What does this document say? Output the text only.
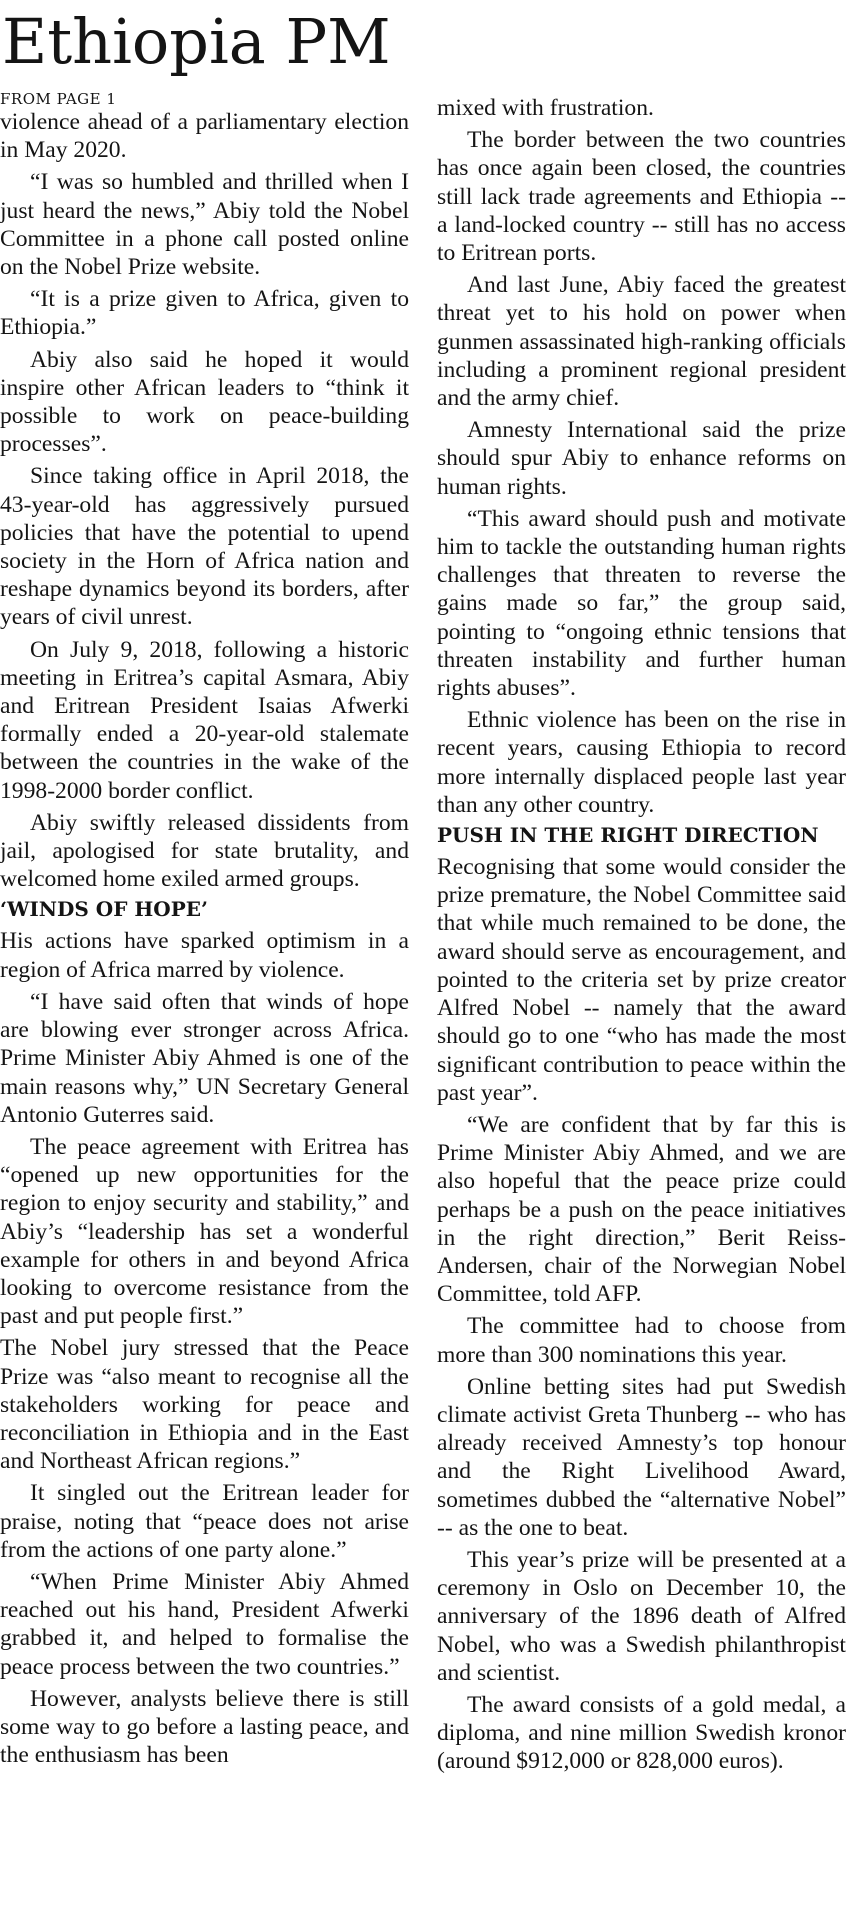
Ethiopia PM
FROM PAGE 1

violence ahead of a parliamentary election in May 2020.

“I was so humbled and thrilled when I just heard the news,” Abiy told the Nobel Committee in a phone call posted online on the Nobel Prize website.

“It is a prize given to Africa, given to Ethiopia.”

Abiy also said he hoped it would inspire other African leaders to “think it possible to work on peace-building processes”.

Since taking office in April 2018, the 43-year-old has aggressively pursued policies that have the potential to upend society in the Horn of Africa nation and reshape dynamics beyond its borders, after years of civil unrest.

On July 9, 2018, following a historic meeting in Eritrea’s capital Asmara, Abiy and Eritrean President Isaias Afwerki formally ended a 20-year-old stalemate between the countries in the wake of the 1998-2000 border conflict.

Abiy swiftly released dissidents from jail, apologised for state brutality, and welcomed home exiled armed groups.

‘WINDS OF HOPE’

His actions have sparked optimism in a region of Africa marred by violence.

“I have said often that winds of hope are blowing ever stronger across Africa. Prime Minister Abiy Ahmed is one of the main reasons why,” UN Secretary General Antonio Guterres said.

The peace agreement with Eritrea has “opened up new opportunities for the region to enjoy security and stability,” and Abiy’s “leadership has set a wonderful example for others in and beyond Africa looking to overcome resistance from the past and put people first.”

The Nobel jury stressed that the Peace Prize was “also meant to recognise all the stakeholders working for peace and reconciliation in Ethiopia and in the East and Northeast African regions.”

It singled out the Eritrean leader for praise, noting that “peace does not arise from the actions of one party alone.”

“When Prime Minister Abiy Ahmed reached out his hand, President Afwerki grabbed it, and helped to formalise the peace process between the two countries.”

However, analysts believe there is still some way to go before a lasting peace, and the enthusiasm has been

mixed with frustration.

The border between the two countries has once again been closed, the countries still lack trade agreements and Ethiopia -- a land-locked country -- still has no access to Eritrean ports.

And last June, Abiy faced the greatest threat yet to his hold on power when gunmen assassinated high-ranking officials including a prominent regional president and the army chief.

Amnesty International said the prize should spur Abiy to enhance reforms on human rights.

“This award should push and motivate him to tackle the outstanding human rights challenges that threaten to reverse the gains made so far,” the group said, pointing to “ongoing ethnic tensions that threaten instability and further human rights abuses”.

Ethnic violence has been on the rise in recent years, causing Ethiopia to record more internally displaced people last year than any other country.

PUSH IN THE RIGHT DIRECTION

Recognising that some would consider the prize premature, the Nobel Committee said that while much remained to be done, the award should serve as encouragement, and pointed to the criteria set by prize creator Alfred Nobel -- namely that the award should go to one “who has made the most significant contribution to peace within the past year”.

“We are confident that by far this is Prime Minister Abiy Ahmed, and we are also hopeful that the peace prize could perhaps be a push on the peace initiatives in the right direction,” Berit Reiss-Andersen, chair of the Norwegian Nobel Committee, told AFP.

The committee had to choose from more than 300 nominations this year.

Online betting sites had put Swedish climate activist Greta Thunberg -- who has already received Amnesty’s top honour and the Right Livelihood Award, sometimes dubbed the “alternative Nobel” -- as the one to beat.

This year’s prize will be presented at a ceremony in Oslo on December 10, the anniversary of the 1896 death of Alfred Nobel, who was a Swedish philanthropist and scientist.

The award consists of a gold medal, a diploma, and nine million Swedish kronor (around $912,000 or 828,000 euros).
